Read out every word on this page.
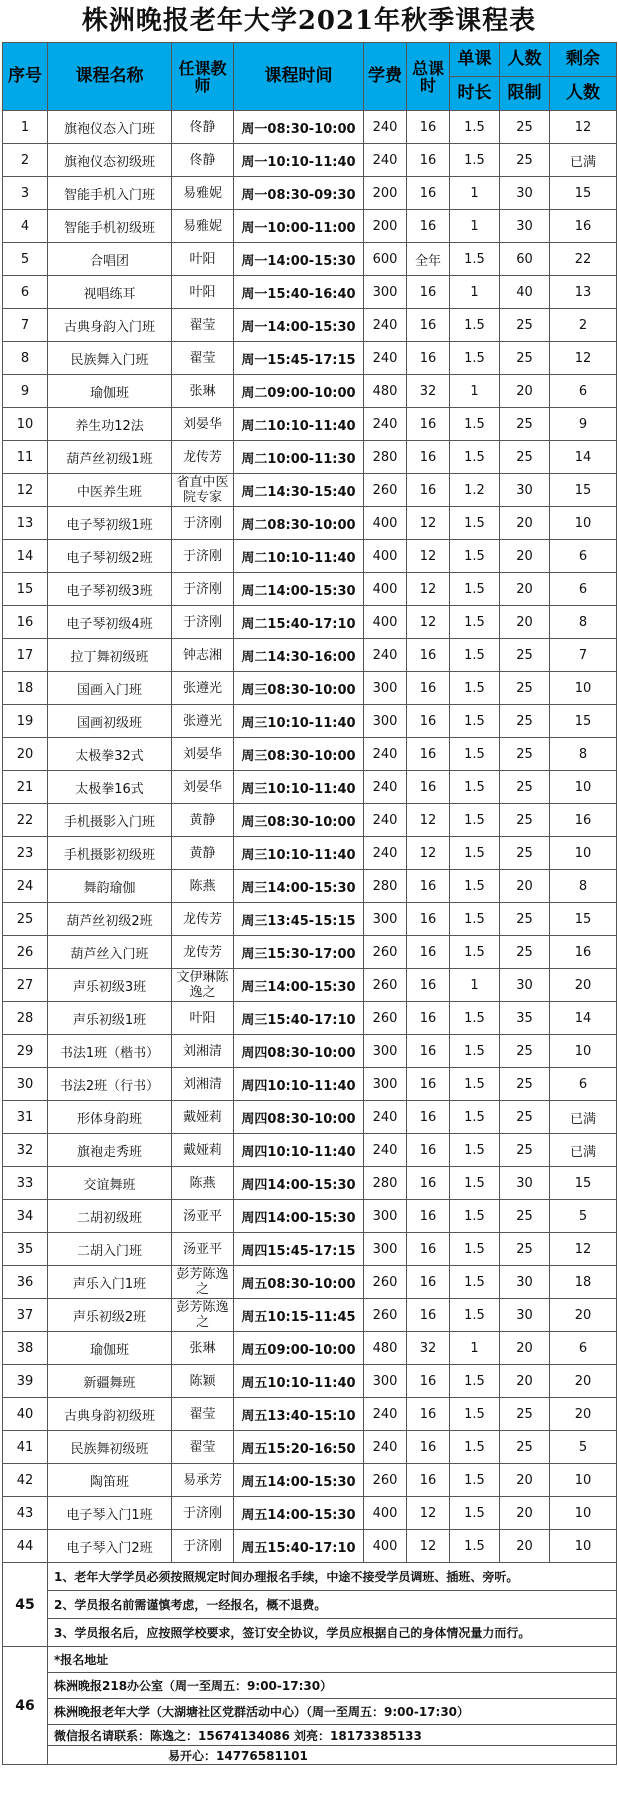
株洲晚报老年大学2021年秋季课程表
序号	课程名称	任课教师	课程时间	学费	总课时	单课	人数	剩余
						时长	限制	人数
1	旗袍仪态入门班	佟静	周一08:30-10:00	240	16	1.5	25	12
2	旗袍仪态初级班	佟静	周一10:10-11:40	240	16	1.5	25	已满
3	智能手机入门班	易雅妮	周一08:30-09:30	200	16	1	30	15
4	智能手机初级班	易雅妮	周一10:00-11:00	200	16	1	30	16
5	合唱团	叶阳	周一14:00-15:30	600	全年	1.5	60	22
6	视唱练耳	叶阳	周一15:40-16:40	300	16	1	40	13
7	古典身韵入门班	翟莹	周一14:00-15:30	240	16	1.5	25	2
8	民族舞入门班	翟莹	周一15:45-17:15	240	16	1.5	25	12
9	瑜伽班	张琳	周二09:00-10:00	480	32	1	20	6
10	养生功12法	刘晏华	周二10:10-11:40	240	16	1.5	25	9
11	葫芦丝初级1班	龙传芳	周二10:00-11:30	280	16	1.5	25	14
12	中医养生班	省直中医院专家	周二14:30-15:40	260	16	1.2	30	15
13	电子琴初级1班	于济刚	周二08:30-10:00	400	12	1.5	20	10
14	电子琴初级2班	于济刚	周二10:10-11:40	400	12	1.5	20	6
15	电子琴初级3班	于济刚	周二14:00-15:30	400	12	1.5	20	6
16	电子琴初级4班	于济刚	周二15:40-17:10	400	12	1.5	20	8
17	拉丁舞初级班	钟志湘	周二14:30-16:00	240	16	1.5	25	7
18	国画入门班	张遵光	周三08:30-10:00	300	16	1.5	25	10
19	国画初级班	张遵光	周三10:10-11:40	300	16	1.5	25	15
20	太极拳32式	刘晏华	周三08:30-10:00	240	16	1.5	25	8
21	太极拳16式	刘晏华	周三10:10-11:40	240	16	1.5	25	10
22	手机摄影入门班	黄静	周三08:30-10:00	240	12	1.5	25	16
23	手机摄影初级班	黄静	周三10:10-11:40	240	12	1.5	25	10
24	舞韵瑜伽	陈燕	周三14:00-15:30	280	16	1.5	20	8
25	葫芦丝初级2班	龙传芳	周三13:45-15:15	300	16	1.5	25	15
26	葫芦丝入门班	龙传芳	周三15:30-17:00	260	16	1.5	25	16
27	声乐初级3班	文伊琳陈逸之	周三14:00-15:30	260	16	1	30	20
28	声乐初级1班	叶阳	周三15:40-17:10	260	16	1.5	35	14
29	书法1班（楷书）	刘湘清	周四08:30-10:00	300	16	1.5	25	10
30	书法2班（行书）	刘湘清	周四10:10-11:40	300	16	1.5	25	6
31	形体身韵班	戴娅莉	周四08:30-10:00	240	16	1.5	25	已满
32	旗袍走秀班	戴娅莉	周四10:10-11:40	240	16	1.5	25	已满
33	交谊舞班	陈燕	周四14:00-15:30	280	16	1.5	30	15
34	二胡初级班	汤亚平	周四14:00-15:30	300	16	1.5	25	5
35	二胡入门班	汤亚平	周四15:45-17:15	300	16	1.5	25	12
36	声乐入门1班	彭芳陈逸之	周五08:30-10:00	260	16	1.5	30	18
37	声乐初级2班	彭芳陈逸之	周五10:15-11:45	260	16	1.5	30	20
38	瑜伽班	张琳	周五09:00-10:00	480	32	1	20	6
39	新疆舞班	陈颖	周五10:10-11:40	300	16	1.5	20	20
40	古典身韵初级班	翟莹	周五13:40-15:10	240	16	1.5	25	20
41	民族舞初级班	翟莹	周五15:20-16:50	240	16	1.5	25	5
42	陶笛班	易承芳	周五14:00-15:30	260	16	1.5	20	10
43	电子琴入门1班	于济刚	周五14:00-15:30	400	12	1.5	20	10
44	电子琴入门2班	于济刚	周五15:40-17:10	400	12	1.5	20	10
45	1、老年大学学员必须按照规定时间办理报名手续，中途不接受学员调班、插班、旁听。							
	2、学员报名前需谨慎考虑，一经报名，概不退费。							
	3、学员报名后，应按照学校要求，签订安全协议，学员应根据自己的身体情况量力而行。							
46	*报名地址							
	株洲晚报218办公室（周一至周五：9:00-17:30）							
	株洲晚报老年大学（大湖塘社区党群活动中心）（周一至周五：9:00-17:30）							
	微信报名请联系：陈逸之：15674134086 刘亮：18173385133							
	易开心：14776581101							
